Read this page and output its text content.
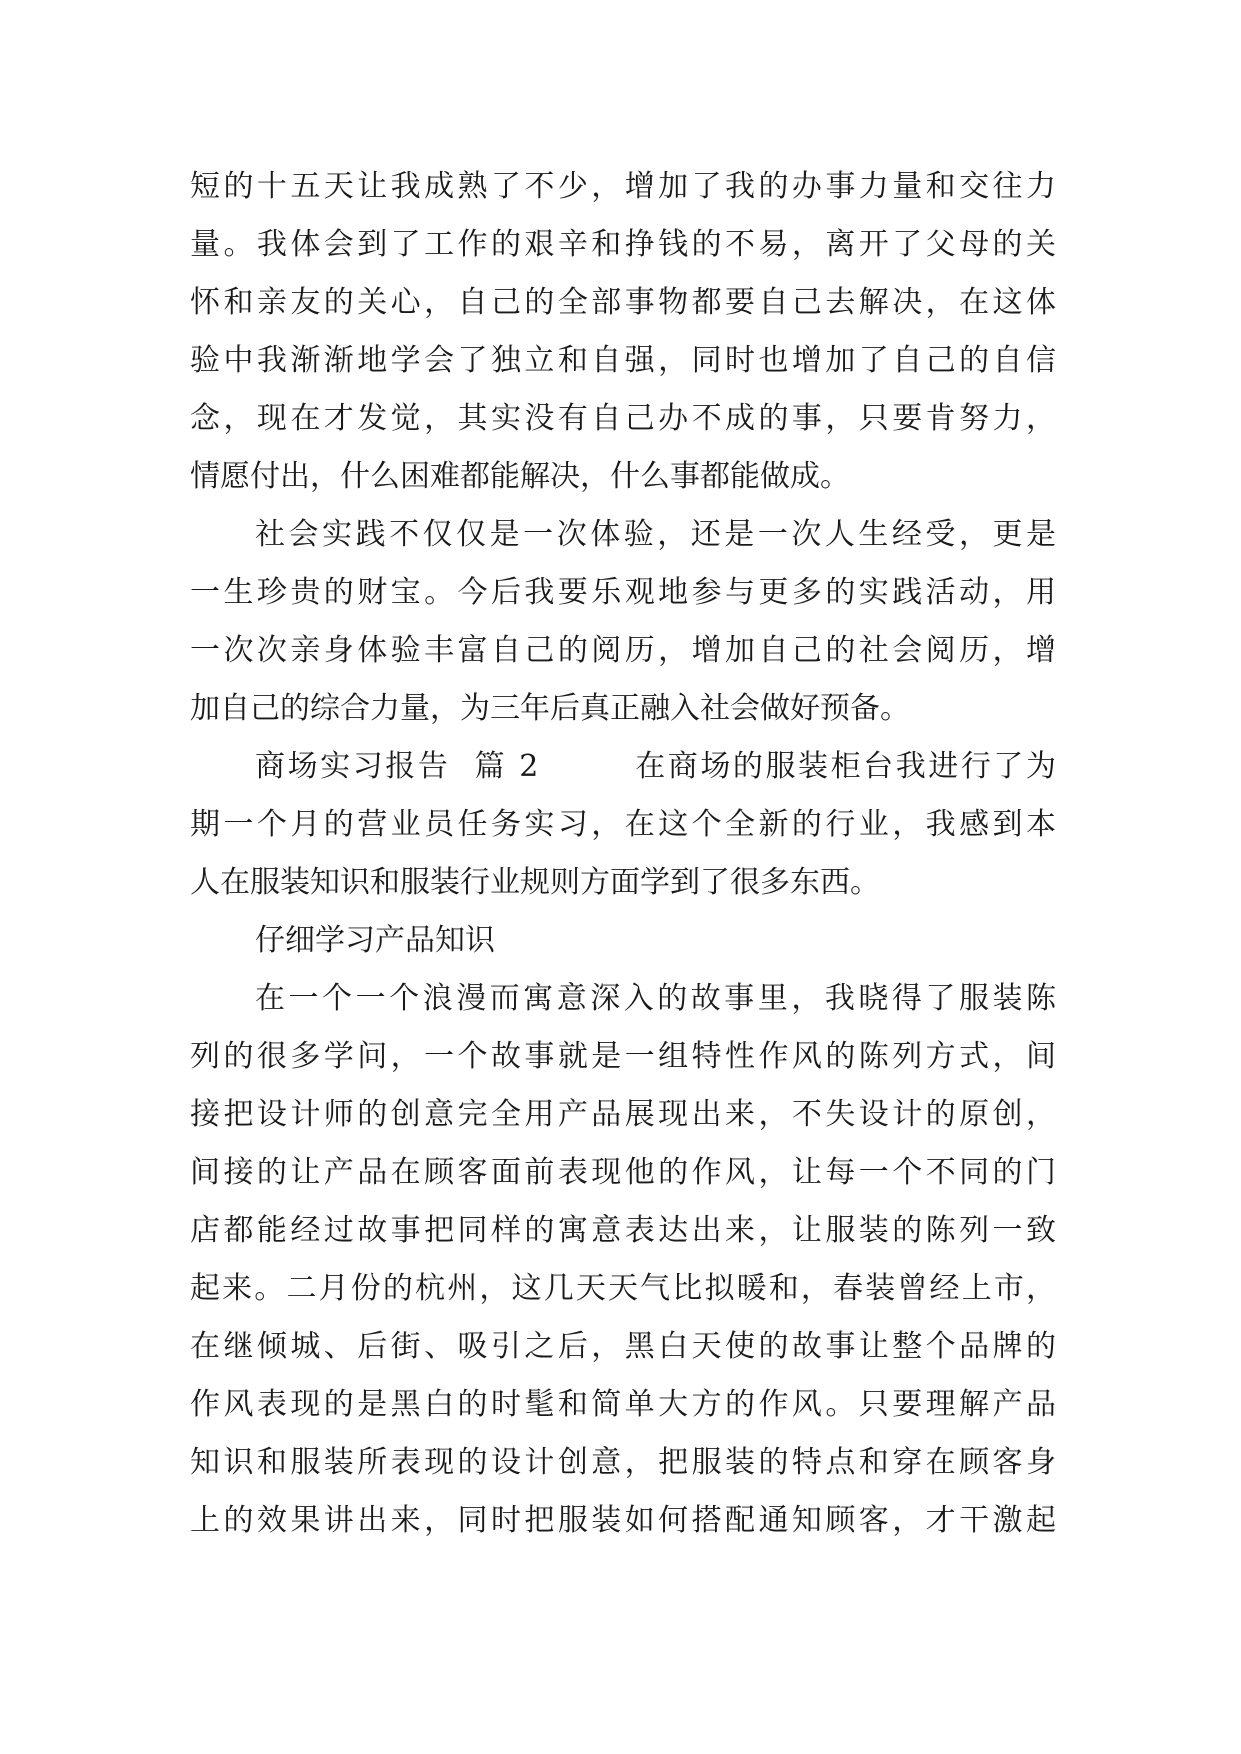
短的十五天让我成熟了不少，增加了我的办事力量和交往力
量。我体会到了工作的艰辛和挣钱的不易，离开了父母的关
怀和亲友的关心，自己的全部事物都要自己去解决，在这体
验中我渐渐地学会了独立和自强，同时也增加了自己的自信
念，现在才发觉，其实没有自己办不成的事，只要肯努力，
情愿付出，什么困难都能解决，什么事都能做成。
社会实践不仅仅是一次体验，还是一次人生经受，更是
一生珍贵的财宝。今后我要乐观地参与更多的实践活动，用
一次次亲身体验丰富自己的阅历，增加自己的社会阅历，增
加自己的综合力量，为三年后真正融入社会做好预备。
商场实习报告  篇 2        在商场的服装柜台我进行了为
期一个月的营业员任务实习，在这个全新的行业，我感到本
人在服装知识和服装行业规则方面学到了很多东西。
仔细学习产品知识
在一个一个浪漫而寓意深入的故事里，我晓得了服装陈
列的很多学问，一个故事就是一组特性作风的陈列方式，间
接把设计师的创意完全用产品展现出来，不失设计的原创，
间接的让产品在顾客面前表现他的作风，让每一个不同的门
店都能经过故事把同样的寓意表达出来，让服装的陈列一致
起来。二月份的杭州，这几天天气比拟暖和，春装曾经上市，
在继倾城、后街、吸引之后，黑白天使的故事让整个品牌的
作风表现的是黑白的时髦和简单大方的作风。只要理解产品
知识和服装所表现的设计创意，把服装的特点和穿在顾客身
上的效果讲出来，同时把服装如何搭配通知顾客，才干激起
